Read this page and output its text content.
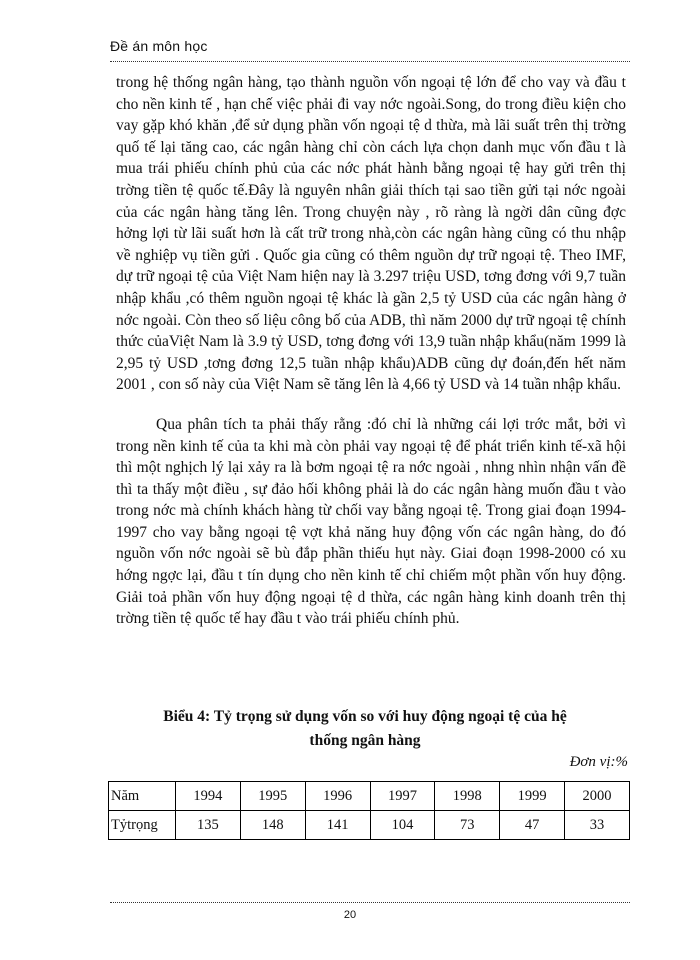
Đề án môn học

trong hệ thống ngân hàng, tạo thành nguồn vốn ngoại tệ lớn để cho vay và đầu t cho nền kinh tế , hạn chế việc phải đi vay nớc ngoài.Song, do trong điều kiện cho vay gặp khó khăn ,để sử dụng phần vốn ngoại tệ d thừa, mà lãi suất trên thị trờng quố tế lại tăng cao, các ngân hàng chỉ còn cách lựa chọn danh mục vốn đầu t là mua trái phiếu chính phủ của các nớc phát hành bằng ngoại tệ hay gửi trên thị trờng tiền tệ quốc tế.Đây là nguyên nhân giải thích tại sao tiền gửi tại nớc ngoài của các ngân hàng tăng lên. Trong chuyện này , rõ ràng là ngời dân cũng đợc hởng lợi từ lãi suất hơn là cất trữ trong nhà,còn các ngân hàng cũng có thu nhập về nghiệp vụ tiền gửi . Quốc gia cũng có thêm nguồn dự trữ ngoại tệ. Theo IMF, dự trữ ngoại tệ của Việt Nam hiện nay là 3.297 triệu USD, tơng đơng với 9,7 tuần nhập khẩu ,có thêm nguồn ngoại tệ khác là gần 2,5 tỷ USD của các ngân hàng ở nớc ngoài. Còn theo số liệu công bố của ADB, thì năm 2000 dự trữ ngoại tệ chính thức củaViệt Nam là 3.9 tỷ USD, tơng đơng với 13,9 tuần nhập khẩu(năm 1999 là 2,95 tỷ USD ,tơng đơng 12,5 tuần nhập khẩu)ADB cũng dự đoán,đến hết năm 2001 , con số này của Việt Nam sẽ tăng lên là 4,66 tỷ USD và 14 tuần nhập khẩu.

Qua phân tích ta phải thấy rằng :đó chỉ là những cái lợi trớc mắt, bởi vì trong nền kinh tế của ta khi mà còn phải vay ngoại tệ để phát triển kinh tế-xã hội thì một nghịch lý lại xảy ra là bơm ngoại tệ ra nớc ngoài , nhng nhìn nhận vấn đề thì ta thấy một điều , sự đảo hối không phải là do các ngân hàng muốn đầu t vào trong nớc mà chính khách hàng từ chối vay bằng ngoại tệ. Trong giai đoạn 1994-1997 cho vay bằng ngoại tệ vợt khả năng huy động vốn các ngân hàng, do đó nguồn vốn nớc ngoài sẽ bù đắp phần thiếu hụt này. Giai đoạn 1998-2000 có xu hớng ngợc lại, đầu t tín dụng cho nền kinh tế chỉ chiếm một phần vốn huy động. Giải toả phần vốn huy động ngoại tệ d thừa, các ngân hàng kinh doanh trên thị trờng tiền tệ quốc tế hay đầu t vào trái phiếu chính phủ.

Biểu 4: Tỷ trọng sử dụng vốn so với huy động ngoại tệ của hệ
thống ngân hàng
Đơn vị:%
Năm	1994	1995	1996	1997	1998	1999	2000
Tỷtrọng	135	148	141	104	73	47	33
20
